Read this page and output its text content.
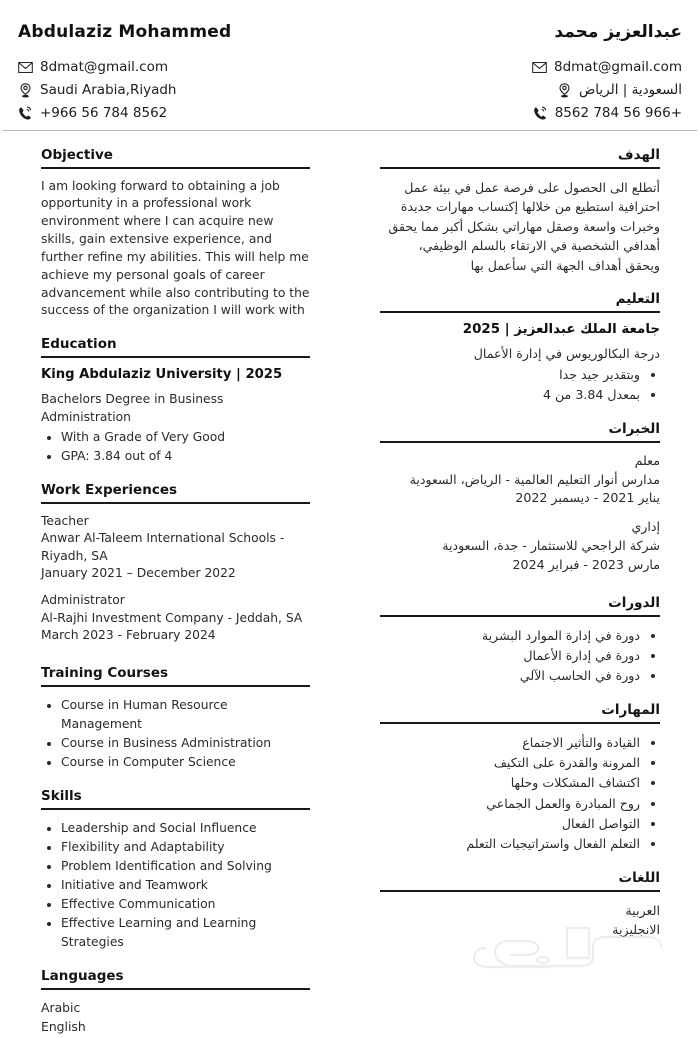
Abdulaziz Mohammed	عبدالعزيز محمد
8dmat@gmail.com
Saudi Arabia,Riyadh
+966 56 784 8562
8dmat@gmail.com
السعودية | الرياض
+966 56 784 8562
Objective
I am looking forward to obtaining a job opportunity in a professional work environment where I can acquire new skills, gain extensive experience, and further refine my abilities. This will help me achieve my personal goals of career advancement while also contributing to the success of the organization I will work with
Education
King Abdulaziz University | 2025
Bachelors Degree in Business Administration
• With a Grade of Very Good
• GPA: 3.84 out of 4
Work Experiences
Teacher
Anwar Al-Taleem International Schools - Riyadh, SA
January 2021 – December 2022
Administrator
Al-Rajhi Investment Company - Jeddah, SA
March 2023 - February 2024
Training Courses
• Course in Human Resource Management
• Course in Business Administration
• Course in Computer Science
Skills
• Leadership and Social Influence
• Flexibility and Adaptability
• Problem Identification and Solving
• Initiative and Teamwork
• Effective Communication
• Effective Learning and Learning Strategies
Languages
Arabic
English
الهدف
أتطلع الى الحصول على فرصة عمل في بيئة عمل احترافية استطيع من خلالها إكتساب مهارات جديدة وخبرات واسعة وصقل مهاراتي بشكل أكبر مما يحقق أهدافي الشخصية في الارتقاء بالسلم الوظيفي، ويحقق أهداف الجهة التي سأعمل بها
التعليم
جامعة الملك عبدالعزيز | 2025
درجة البكالوريوس في إدارة الأعمال
• وبتقدير جيد جدا
• بمعدل 3.84 من 4
الخبرات
معلم
مدارس أنوار التعليم العالمية - الرياض، السعودية
يناير 2021 - ديسمبر 2022
إداري
شركة الراجحي للاستثمار - جدة، السعودية
مارس 2023 - فبراير 2024
الدورات
• دورة في إدارة الموارد البشرية
• دورة في إدارة الأعمال
• دورة في الحاسب الآلي
المهارات
• القيادة والتأثير الاجتماع
• المرونة والقدرة على التكيف
• اكتشاف المشكلات وحلها
• روح المبادرة والعمل الجماعي
• التواصل الفعال
• التعلم الفعال واستراتيجيات التعلم
اللغات
العربية
الانجليزية
